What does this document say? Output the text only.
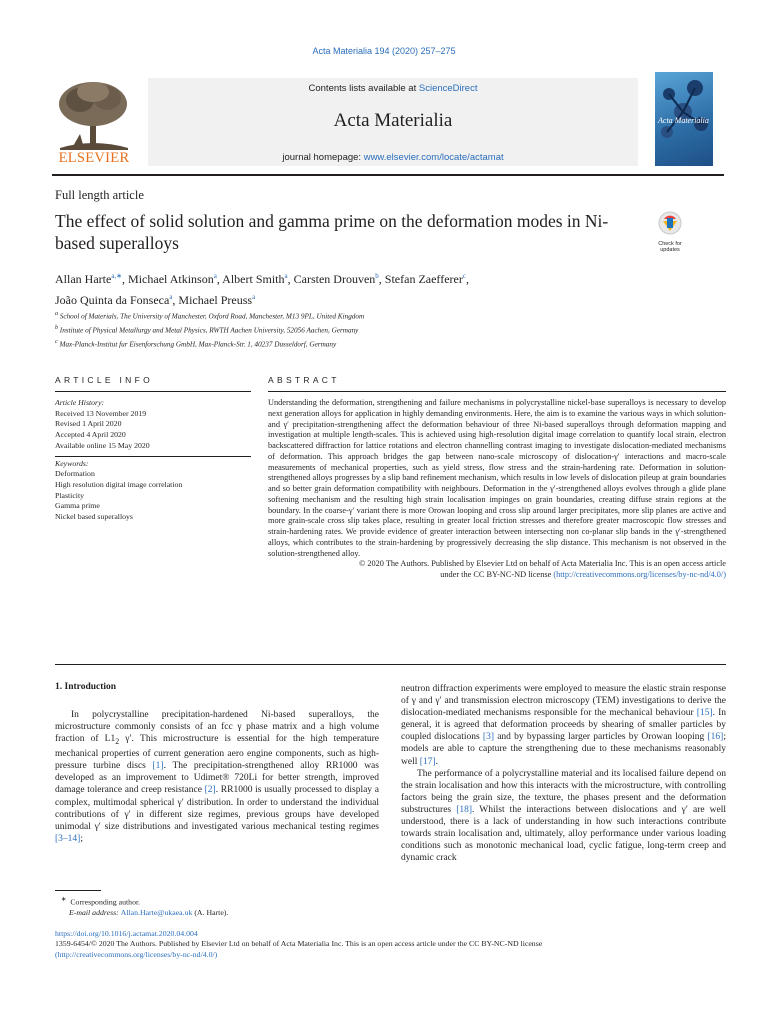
Acta Materialia 194 (2020) 257–275
ELSEVIER
Contents lists available at ScienceDirect
Acta Materialia
journal homepage: www.elsevier.com/locate/actamat
Acta Materialia
Full length article
The effect of solid solution and gamma prime on the deformation modes in Ni-based superalloys	Check for updates
Allan Harte$^{a,∗}$, Michael Atkinson$^a$, Albert Smith$^a$, Carsten Drouven$^b$, Stefan Zaefferer$^c$,
João Quinta da Fonseca$^a$, Michael Preuss$^a$
$^a$ School of Materials, The University of Manchester, Oxford Road, Manchester, M13 9PL, United Kingdom
$^b$ Institute of Physical Metallurgy and Metal Physics, RWTH Aachen University, 52056 Aachen, Germany
$^c$ Max-Planck-Institut fur Eisenforschung GmbH, Max-Planck-Str. 1, 40237 Dusseldorf, Germany
ARTICLE INFO	ABSTRACT
Article History:
Received 13 November 2019
Revised 1 April 2020
Accepted 4 April 2020
Available online 15 May 2020
Keywords:
Deformation
High resolution digital image correlation
Plasticity
Gamma prime
Nickel based superalloys
Understanding the deformation, strengthening and failure mechanisms in polycrystalline nickel-base superalloys is necessary to develop next generation alloys for application in highly demanding environments. Here, the aim is to examine the various ways in which solution- and γ′ precipitation-strengthening affect the deformation behaviour of three Ni-based superalloys through deformation mapping and investigation at multiple length-scales. This is achieved using high-resolution digital image correlation to quantify local strain, electron backscattered diffraction for lattice rotations and electron channelling contrast imaging to investigate dislocation-mediated mechanisms of deformation. This approach bridges the gap between nano-scale microscopy of dislocation-γ′ interactions and macro-scale measurements of mechanical properties, such as yield stress, flow stress and the strain-hardening rate. Deformation in solution-strengthened alloys progresses by a slip band refinement mechanism, which results in low levels of dislocation pileup at grain boundaries and so better grain deformation compatibility with neighbours. Deformation in the γ′-strengthened alloys evolves through a glide plane softening mechanism and the resulting high strain localisation impinges on grain boundaries, creating diffuse strain regions at the boundary. In the coarse-γ′ variant there is more Orowan looping and cross slip around larger precipitates, more slip planes are active and more grain-scale cross slip takes place, resulting in greater local friction stresses and therefore greater macroscopic flow stresses and strain-hardening rates. We provide evidence of greater interaction between intersecting non co-planar slip bands in the γ′-strengthened alloys, which contributes to the strain-hardening by progressively decreasing the slip distance. This mechanism is not observed in the solution-strengthened alloy.
© 2020 The Authors. Published by Elsevier Ltd on behalf of Acta Materialia Inc. This is an open access article
under the CC BY-NC-ND license (http://creativecommons.org/licenses/by-nc-nd/4.0/)
1. Introduction

In polycrystalline precipitation-hardened Ni-based superalloys, the microstructure commonly consists of an fcc γ phase matrix and a high volume fraction of $L1_2$ γ′. This microstructure is essential for the high temperature mechanical properties of current generation aero engine components, such as high-pressure turbine discs [1]. The precipitation-strengthened alloy RR1000 was developed as an improvement to Udimet® 720Li for better strength, improved damage tolerance and creep resistance [2]. RR1000 is usually processed to display a complex, multimodal spherical γ′ distribution. In order to understand the individual contributions of γ′ in different size regimes, previous groups have developed unimodal γ′ size distributions and investigated various mechanical testing regimes [3–14];

neutron diffraction experiments were employed to measure the elastic strain response of γ and γ′ and transmission electron microscopy (TEM) investigations to derive the dislocation-mediated mechanisms responsible for the mechanical behaviour [15]. In general, it is agreed that deformation proceeds by shearing of smaller particles by coupled dislocations [3] and by bypassing larger particles by Orowan looping [16]; models are able to capture the strengthening due to these mechanisms reasonably well [17].

The performance of a polycrystalline material and its localised failure depend on the strain localisation and how this interacts with the microstructure, with controlling factors being the grain size, the texture, the phases present and the deformation substructures [18]. Whilst the interactions between dislocations and γ′ are well understood, there is a lack of understanding in how such interactions contribute towards strain localisation and, ultimately, alloy performance under various loading conditions such as monotonic mechanical load, cyclic fatigue, long-term creep and dynamic crack

∗ Corresponding author.
E-mail address: Allan.Harte@ukaea.uk (A. Harte).
https://doi.org/10.1016/j.actamat.2020.04.004
1359-6454/© 2020 The Authors. Published by Elsevier Ltd on behalf of Acta Materialia Inc. This is an open access article under the CC BY-NC-ND license
(http://creativecommons.org/licenses/by-nc-nd/4.0/)
